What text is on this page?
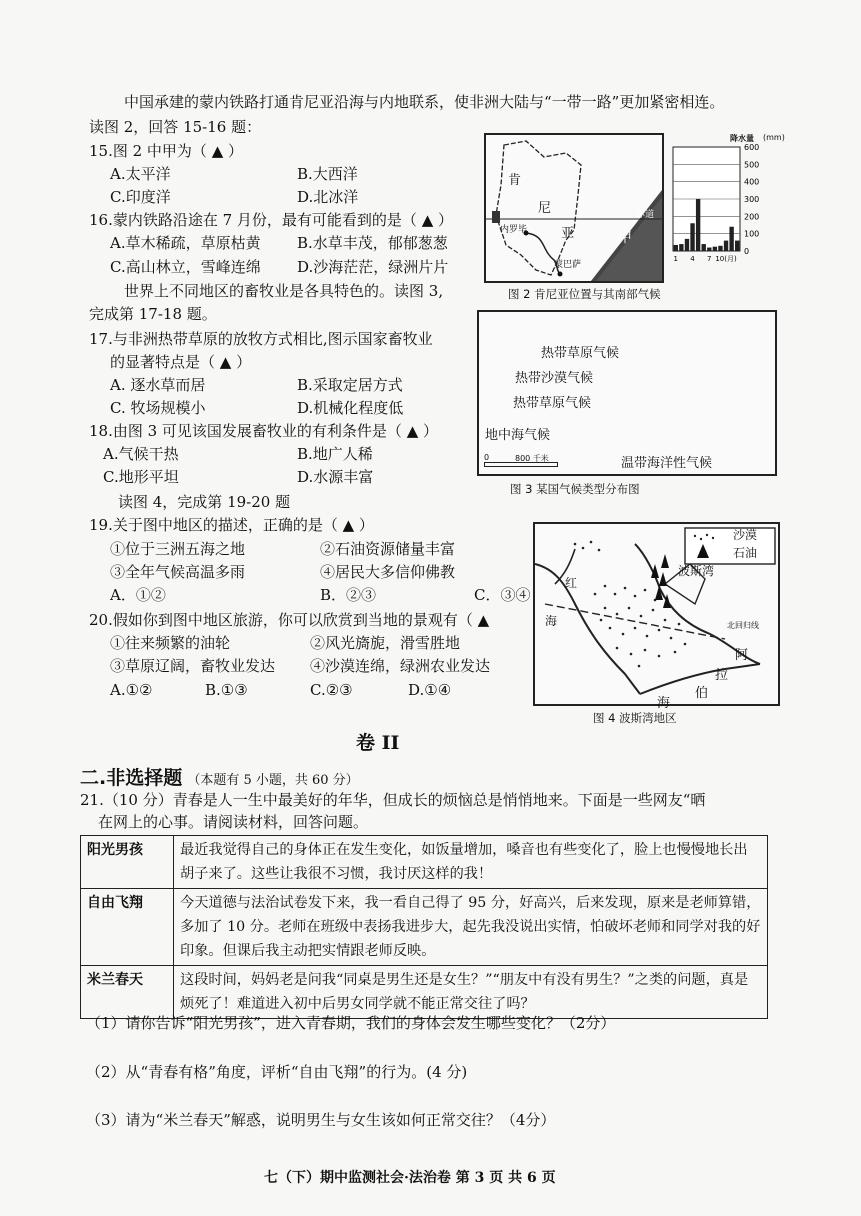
中国承建的蒙内铁路打通肯尼亚沿海与内地联系，使非洲大陆与“一带一路”更加紧密相连。
读图 2，回答 15-16 题：
15.图 2 中甲为（ ▲ ）
A.太平洋	B.大西洋
C.印度洋	D.北冰洋
16.蒙内铁路沿途在 7 月份，最有可能看到的是（ ▲ ）
A.草木稀疏，草原枯黄 B.水草丰茂，郁郁葱葱
C.高山林立，雪峰连绵 D.沙海茫茫，绿洲片片
世界上不同地区的畜牧业是各具特色的。读图 3,
完成第 17-18 题。
17.与非洲热带草原的放牧方式相比,图示国家畜牧业
的显著特点是（ ▲ ）
A. 逐水草而居	B.采取定居方式
C. 牧场规模小	D.机械化程度低
18.由图 3 可见该国发展畜牧业的有利条件是（ ▲ ）
A.气候干热	B.地广人稀
C.地形平坦	D.水源丰富
读图 4，完成第 19-20 题
19.关于图中地区的描述，正确的是（ ▲ ）
①位于三洲五海之地	②石油资源储量丰富
③全年气候高温多雨	④居民大多信仰佛教
A．①②	B．②③	C．③④
20.假如你到图中地区旅游，你可以欣赏到当地的景观有（ ▲
①往来频繁的油轮	②风光旖旎，滑雪胜地
③草原辽阔，畜牧业发达 ④沙漠连绵，绿洲农业发达
A.①②	B.①③	C.②③	D.①④
肯
尼
亚	甲
赤道
内罗毕
蒙巴萨
降水量 (mm)
600
500
400
300
200
100
0
1 4 7 10(月)
图 2 肯尼亚位置与其南部气候
热带草原气候
热带沙漠气候
热带草原气候
地中海气候
温带海洋性气候
0	800 千米
图 3 某国气候类型分布图
沙漠
石油
波斯湾
红
海	北回归线
阿
拉
伯
海
图 4 波斯湾地区
卷 II
二.非选择题 （本题有 5 小题，共 60 分）
21.（10 分）青春是人一生中最美好的年华，但成长的烦恼总是悄悄地来。下面是一些网友“晒
在网上的心事。请阅读材料，回答问题。
阳光男孩	最近我觉得自己的身体正在发生变化，如饭量增加，嗓音也有些变化了，脸上也慢慢地长出胡子来了。这些让我很不习惯，我讨厌这样的我！
自由飞翔	今天道德与法治试卷发下来，我一看自己得了 95 分，好高兴，后来发现，原来是老师算错，多加了 10 分。老师在班级中表扬我进步大，起先我没说出实情，怕破坏老师和同学对我的好印象。但课后我主动把实情跟老师反映。
米兰春天	这段时间，妈妈老是问我“同桌是男生还是女生？”“朋友中有没有男生？”之类的问题，真是烦死了！难道进入初中后男女同学就不能正常交往了吗？
（1）请你告诉“阳光男孩”，进入青春期，我们的身体会发生哪些变化？（2分）
（2）从“青春有格”角度，评析“自由飞翔”的行为。(4 分)
（3）请为“米兰春天”解惑，说明男生与女生该如何正常交往？（4分）
七（下）期中监测社会·法治卷 第 3 页 共 6 页
